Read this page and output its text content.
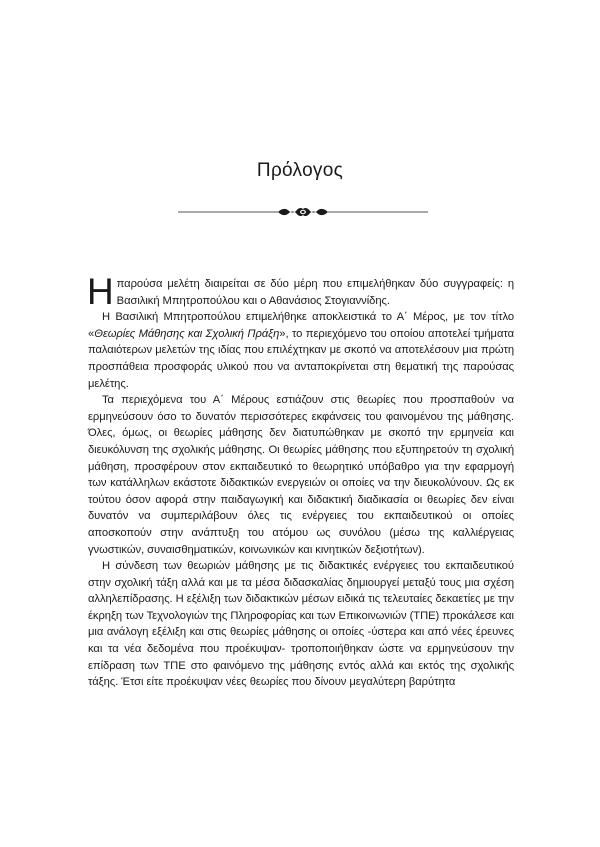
Πρόλογος

Ηπαρούσα μελέτη διαιρείται σε δύο μέρη που επιμελήθηκαν δύο συγγραφείς: η Βασιλική Μπητροπούλου και ο Αθανάσιος Στογιαννίδης.

Η Βασιλική Μπητροπούλου επιμελήθηκε αποκλειστικά το Α΄ Μέρος, με τον τίτλο «Θεωρίες Μάθησης και Σχολική Πράξη», το περιεχόμενο του οποίου αποτελεί τμήματα παλαιότερων μελετών της ιδίας που επιλέχτηκαν με σκοπό να αποτελέσουν μια πρώτη προσπάθεια προσφοράς υλικού που να ανταποκρίνεται στη θεματική της παρούσας μελέτης.

Τα περιεχόμενα του Α΄ Μέρους εστιάζουν στις θεωρίες που προσπαθούν να ερμηνεύσουν όσο το δυνατόν περισσότερες εκφάνσεις του φαινομένου της μάθησης. Όλες, όμως, οι θεωρίες μάθησης δεν διατυπώθηκαν με σκοπό την ερμηνεία και διευκόλυνση της σχολικής μάθησης. Οι θεωρίες μάθησης που εξυπηρετούν τη σχολική μάθηση, προσφέρουν στον εκπαιδευτικό το θεωρητικό υπόβαθρο για την εφαρμογή των κατάλληλων εκάστοτε διδακτικών ενεργειών οι οποίες να την διευκολύνουν. Ως εκ τούτου όσον αφορά στην παιδαγωγική και διδακτική διαδικασία οι θεωρίες δεν είναι δυνατόν να συμπεριλάβουν όλες τις ενέργειες του εκπαιδευτικού οι οποίες αποσκοπούν στην ανάπτυξη του ατόμου ως συνόλου (μέσω της καλλιέργειας γνωστικών, συναισθηματικών, κοινωνικών και κινητικών δεξιοτήτων).

Η σύνδεση των θεωριών μάθησης με τις διδακτικές ενέργειες του εκπαιδευτικού στην σχολική τάξη αλλά και με τα μέσα διδασκαλίας δημιουργεί μεταξύ τους μια σχέση αλληλεπίδρασης. Η εξέλιξη των διδακτικών μέσων ειδικά τις τελευταίες δεκαετίες με την έκρηξη των Τεχνολογιών της Πληροφορίας και των Επικοινωνιών (ΤΠΕ) προκάλεσε και μια ανάλογη εξέλιξη και στις θεωρίες μάθησης οι οποίες -ύστερα και από νέες έρευνες και τα νέα δεδομένα που προέκυψαν- τροποποιήθηκαν ώστε να ερμηνεύσουν την επίδραση των ΤΠΕ στο φαινόμενο της μάθησης εντός αλλά και εκτός της σχολικής τάξης. Έτσι είτε προέκυψαν νέες θεωρίες που δίνουν μεγαλύτερη βαρύτητα
